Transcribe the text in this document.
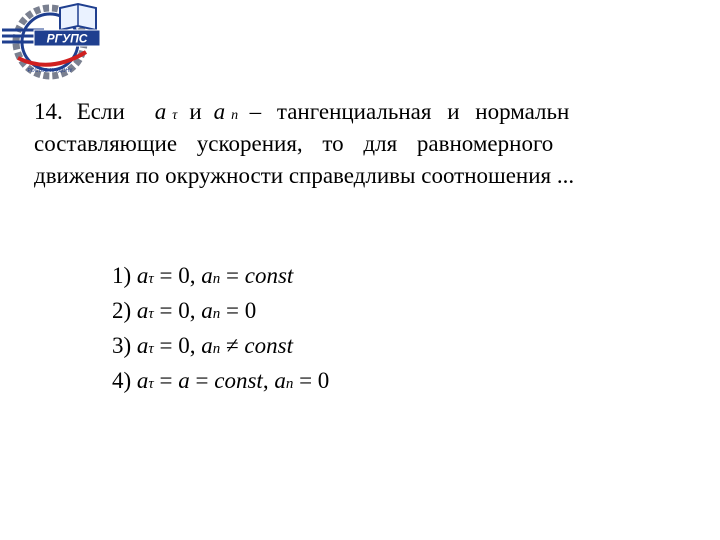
РГУПС
РОСТОВ-НА-ДОНУ
14. Если a τ и a n – тангенциальная и нормальн
составляющие ускорения, то для равномерного
движения по окружности справедливы соотношения ...
1) aτ = 0, an = const
2) aτ = 0, an = 0
3) aτ = 0, an ≠ const
4) aτ = a = const, an = 0
